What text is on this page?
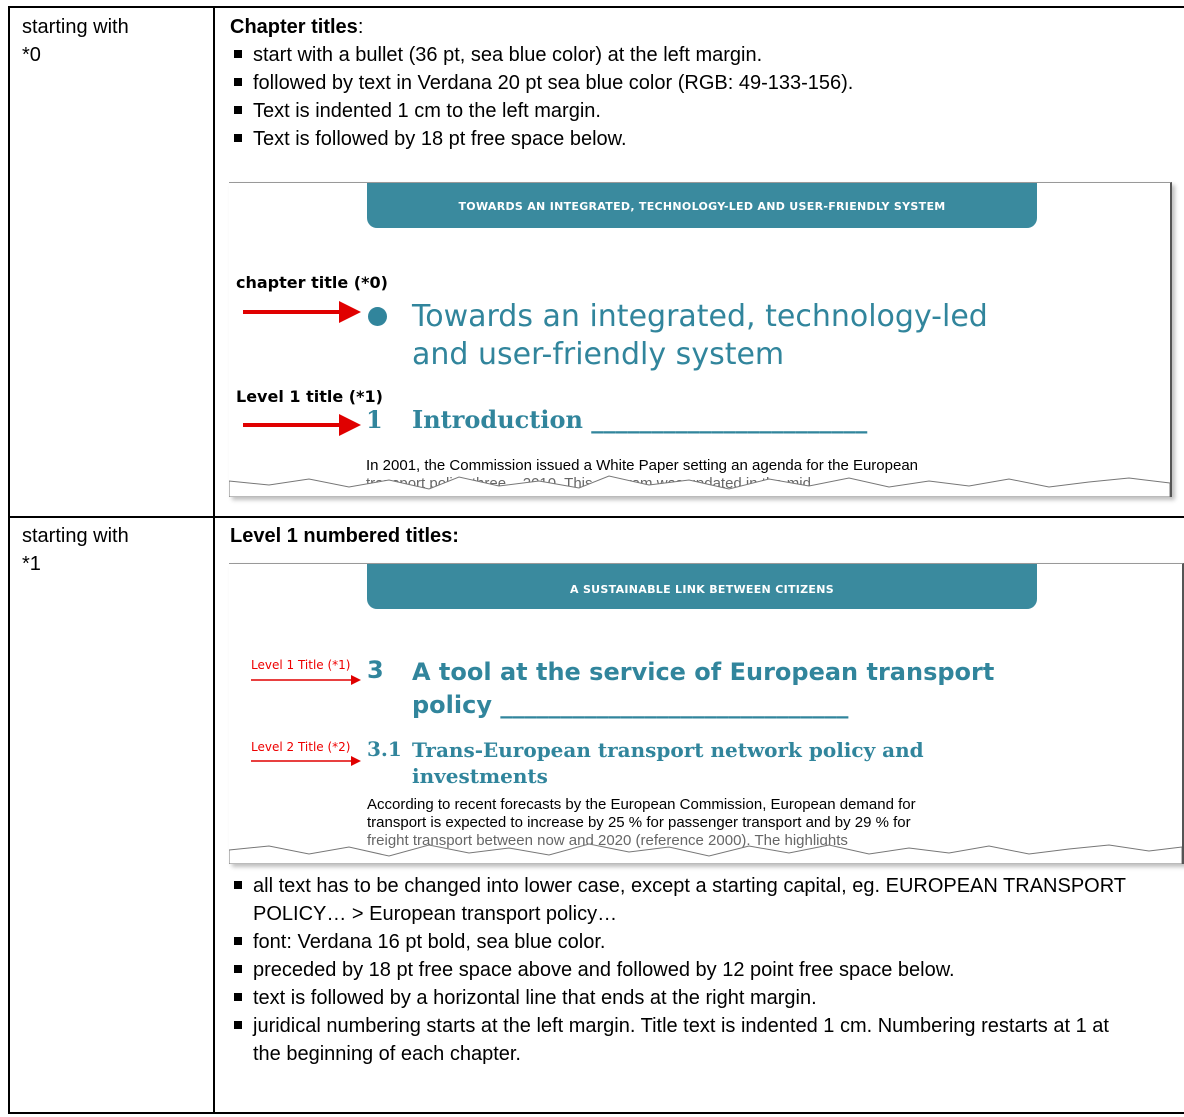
starting with
*0
Chapter titles:
start with a bullet (36 pt, sea blue color) at the left margin.
followed by text in Verdana 20 pt sea blue color (RGB: 49-133-156).
Text is indented 1 cm to the left margin.
Text is followed by 18 pt free space below.
TOWARDS AN INTEGRATED, TECHNOLOGY-LED AND USER-FRIENDLY SYSTEM
chapter title (*0)
Towards an integrated, technology-led
and user-friendly system
Level 1 title (*1)
1 Introduction _______________________
In 2001, the Commission issued a White Paper setting an agenda for the European
starting with
*1
Level 1 numbered titles:
A SUSTAINABLE LINK BETWEEN CITIZENS
Level 1 Title (*1) 3 A tool at the service of European transport
policy _____________________________
Level 2 Title (*2) 3.1 Trans-European transport network policy and
investments
According to recent forecasts by the European Commission, European demand for
transport is expected to increase by 25 % for passenger transport and by 29 % for
freight transport between now and 2020 (reference 2000). The highlights
all text has to be changed into lower case, except a starting capital, eg. EUROPEAN TRANSPORT POLICY… > European transport policy…
font: Verdana 16 pt bold, sea blue color.
preceded by 18 pt free space above and followed by 12 point free space below.
text is followed by a horizontal line that ends at the right margin.
juridical numbering starts at the left margin. Title text is indented 1 cm. Numbering restarts at 1 at the beginning of each chapter.
